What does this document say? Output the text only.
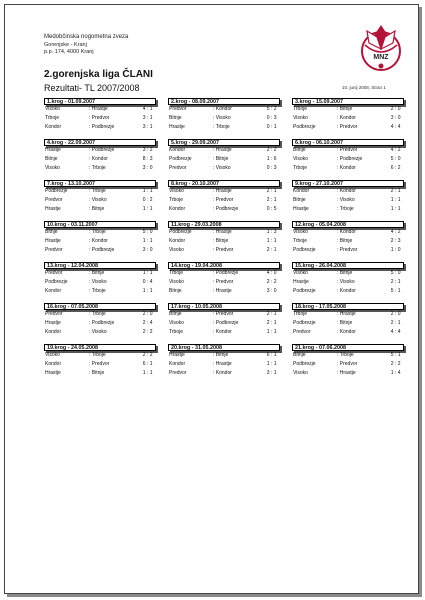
Medobčinska nogometna zveza
Gorenjske - Kranj
p.p. 174, 4000 Kranj
MNZ
2.gorenjska liga ČLANI
Rezultati- TL 2007/2008	10. junij 2008, Stran 1
1.krog - 01.09.2007
Visoko	: Hrastje	4 : 1
Trboje	: Predvor	3 : 1
Kondor	: Podbrezje	3 : 1
2.krog - 08.09.2007
Predvor	: Kondor	5 : 2
Bitnje	: Visoko	0 : 3
Hrastje	: Trboje	0 : 1
3.krog - 15.09.2007
Trboje	: Bitnje	2 : 0
Visoko	: Kondor	3 : 0
Podbrezje	: Predvor	4 : 4
4.krog - 22.09.2007
Hrastje	: Podbrezje	3 : 2
Bitnje	: Kondor	8 : 3
Visoko	: Trboje	3 : 0
5.krog - 29.09.2007
Kondor	: Hrastje	2 : 2
Podbrezje	: Bitnje	1 : 6
Predvor	: Visoko	0 : 3
6.krog - 06.10.2007
Bitnje	: Predvor	4 : 2
Visoko	: Podbrezje	5 : 0
Trboje	: Kondor	6 : 2
7.krog - 13.10.2007
Podbrezje	: Trboje	1 : 1
Predvor	: Visoko	0 : 2
Hrastje	: Bitnje	1 : 1
8.krog - 20.10.2007
Visoko	: Hrastje	2 : 1
Trboje	: Predvor	2 : 1
Kondor	: Podbrezje	0 : 5
9.krog - 27.10.2007
Kondor	: Kondor	2 : 1
Bitnje	: Visoko	1 : 1
Hrastje	: Trboje	1 : 1
10.krog - 03.11.2007
Bitnje	: Trboje	5 : 0
Hrastje	: Kondor	1 : 1
Predvor	: Podbrezje	3 : 0
11.krog - 29.03.2008
Podbrezje	: Hrastje	1 : 3
Kondor	: Bitnje	1 : 1
Visoko	: Predvor	2 : 1
12.krog - 05.04.2008
Visoko	: Kondor	4 : 2
Trboje	: Bitnje	2 : 3
Podbrezje	: Predvor	1 : 0
13.krog - 12.04.2008
Predvor	: Bitnje	1 : 1
Podbrezje	: Visoko	0 : 4
Kondor	: Trboje	1 : 1
14.krog - 19.04.2008
Trboje	: Podbrezje	4 : 0
Visoko	: Predvor	2 : 2
Bitnje	: Hrastje	3 : 0
15.krog - 26.04.2008
Visoko	: Bitnje	5 : 0
Hrastje	: Visoko	2 : 1
Podbrezje	: Kondor	5 : 1
16.krog - 07.05.2008
Predvor	: Trboje	2 : 0
Hrastje	: Podbrezje	2 : 4
Kondor	: Visoko	2 : 2
17.krog - 10.05.2008
Bitnje	: Predvor	2 : 1
Visoko	: Podbrezje	2 : 1
Trboje	: Kondor	1 : 1
18.krog - 17.05.2008
Trboje	: Hrastje	2 : 0
Podbrezje	: Bitnje	2 : 1
Predvor	: Kondor	4 : 4
19.krog - 24.05.2008
Visoko	: Trboje	2 : 2
Kondor	: Predvor	6 : 1
Hrastje	: Bitnje	1 : 1
20.krog - 31.05.2008
Hrastje	: Bitnje	6 : 1
Kondor	: Hrastje	1 : 1
Predvor	: Kondor	3 : 1
21.krog - 07.06.2008
Bitnje	: Trboje	5 : 1
Podbrezje	: Predvor	2 : 2
Visoko	: Hrastje	1 : 4
